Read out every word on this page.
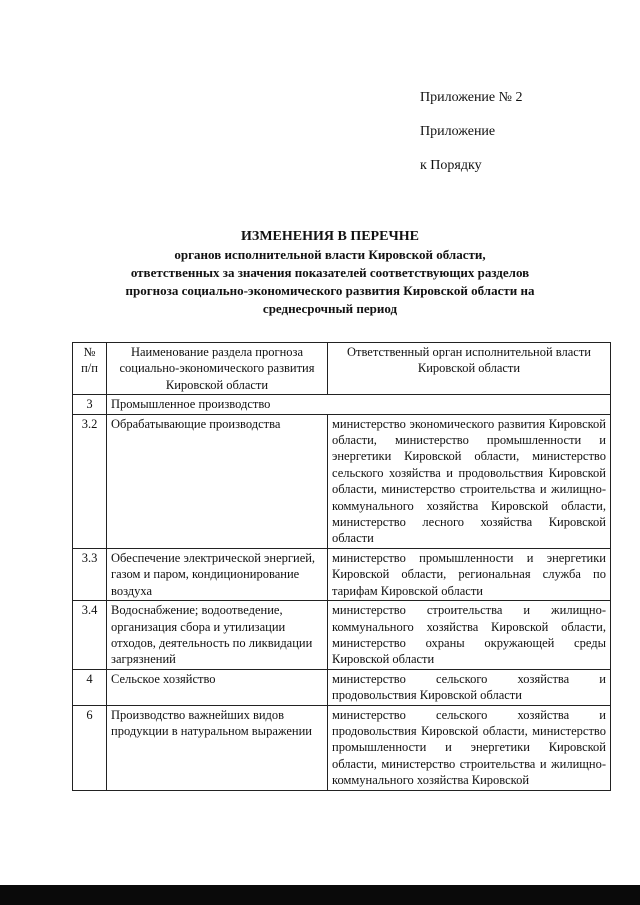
Приложение № 2
Приложение
к Порядку
ИЗМЕНЕНИЯ В ПЕРЕЧНЕ
органов исполнительной власти Кировской области,
ответственных за значения показателей соответствующих разделов
прогноза социально-экономического развития Кировской области на
среднесрочный период
№ п/п	Наименование раздела прогноза социально-экономического развития Кировской области	Ответственный орган исполнительной власти Кировской области
3	Промышленное производство	
3.2	Обрабатывающие производства	министерство экономического развития Кировской области, министерство промышленности и энергетики Кировской области, министерство сельского хозяйства и продовольствия Кировской области, министерство строительства и жилищно-коммунального хозяйства Кировской области, министерство лесного хозяйства Кировской области
3.3	Обеспечение электрической энергией, газом и паром, кондиционирование воздуха	министерство промышленности и энергетики Кировской области, региональная служба по тарифам Кировской области
3.4	Водоснабжение; водоотведение, организация сбора и утилизации отходов, деятельность по ликвидации загрязнений	министерство строительства и жилищно-коммунального хозяйства Кировской области, министерство охраны окружающей среды Кировской области
4	Сельское хозяйство	министерство сельского хозяйства и продовольствия Кировской области
6	Производство важнейших видов продукции в натуральном выражении	министерство сельского хозяйства и продовольствия Кировской области, министерство промышленности и энергетики Кировской области, министерство строительства и жилищно-коммунального хозяйства Кировской
